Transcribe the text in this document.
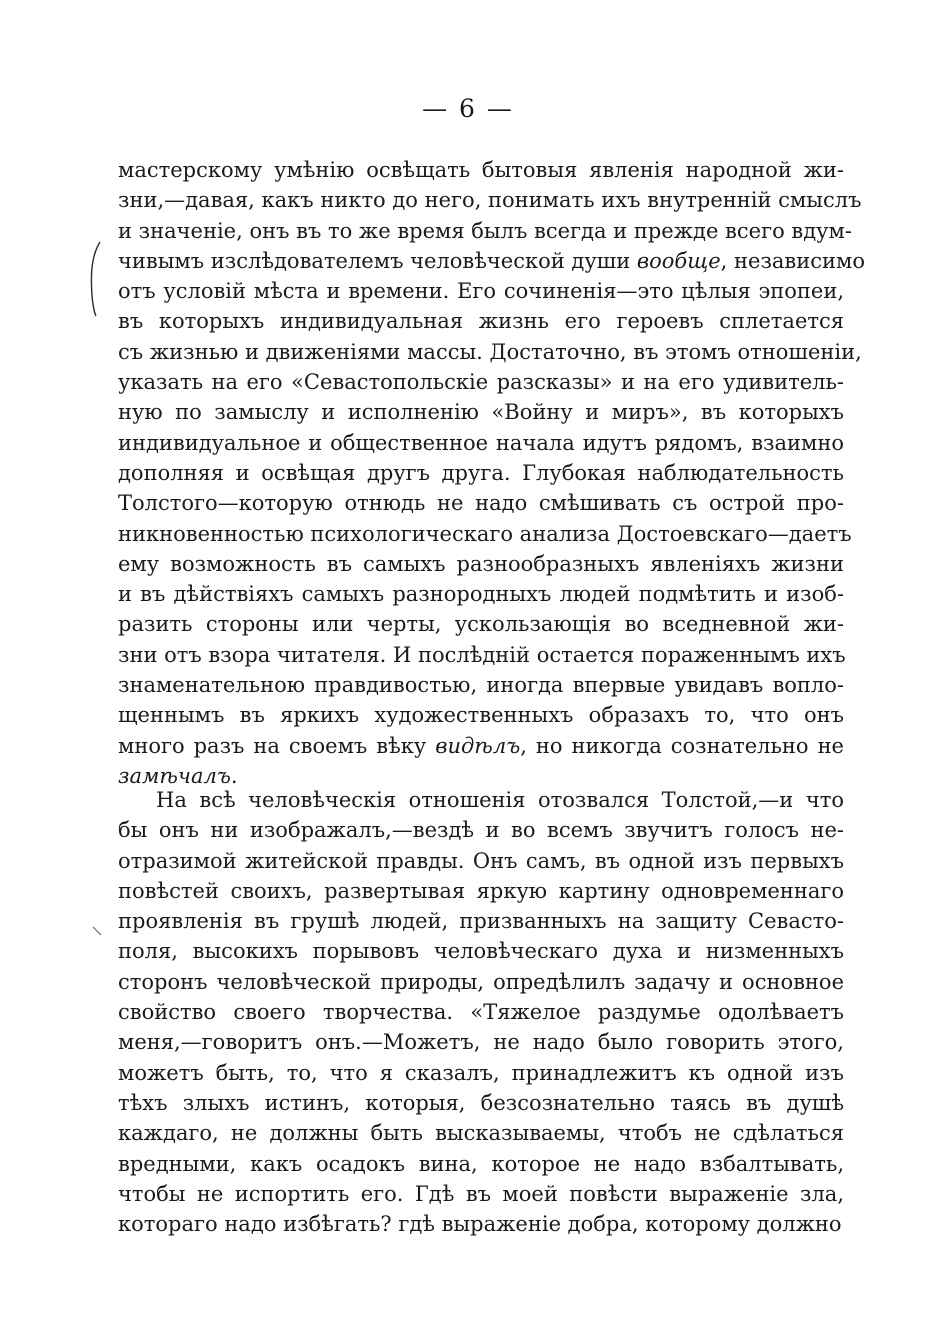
— 6 —
мастерскому умѣнію освѣщать бытовыя явленія народной жи-
зни,—давая, какъ никто до него, понимать ихъ внутренній смыслъ
и значеніе, онъ въ то же время былъ всегда и прежде всего вдум-
чивымъ изслѣдователемъ человѣческой души вообще, независимо
отъ условій мѣста и времени. Его сочиненія—это цѣлыя эпопеи,
въ которыхъ индивидуальная жизнь его героевъ сплетается
съ жизнью и движеніями массы. Достаточно, въ этомъ отношеніи,
указать на его «Севастопольскіе разсказы» и на его удивитель-
ную по замыслу и исполненію «Войну и миръ», въ которыхъ
индивидуальное и общественное начала идутъ рядомъ, взаимно
дополняя и освѣщая другъ друга. Глубокая наблюдательность
Толстого—которую отнюдь не надо смѣшивать съ острой про-
никновенностью психологическаго анализа Достоевскаго—даетъ
ему возможность въ самыхъ разнообразныхъ явленіяхъ жизни
и въ дѣйствіяхъ самыхъ разнородныхъ людей подмѣтить и изоб-
разить стороны или черты, ускользающія во вседневной жи-
зни отъ взора читателя. И послѣдній остается пораженнымъ ихъ
знаменательною правдивостью, иногда впервые увидавъ вопло-
щеннымъ въ яркихъ художественныхъ образахъ то, что онъ
много разъ на своемъ вѣку видѣлъ, но никогда сознательно не
замѣчалъ.
На всѣ человѣческія отношенія отозвался Толстой,—и что
бы онъ ни изображалъ,—вездѣ и во всемъ звучитъ голосъ не-
отразимой житейской правды. Онъ самъ, въ одной изъ первыхъ
повѣстей своихъ, развертывая яркую картину одновременнаго
проявленія въ грушѣ людей, призванныхъ на защиту Севасто-
поля, высокихъ порывовъ человѣческаго духа и низменныхъ
сторонъ человѣческой природы, опредѣлилъ задачу и основное
свойство своего творчества. «Тяжелое раздумье одолѣваетъ
меня,—говоритъ онъ.—Можетъ, не надо было говорить этого,
можетъ быть, то, что я сказалъ, принадлежитъ къ одной изъ
тѣхъ злыхъ истинъ, которыя, безсознательно таясь въ душѣ
каждаго, не должны быть высказываемы, чтобъ не сдѣлаться
вредными, какъ осадокъ вина, которое не надо взбалтывать,
чтобы не испортить его. Гдѣ въ моей повѣсти выраженіе зла,
котораго надо избѣгать? гдѣ выраженіе добра, которому должно
